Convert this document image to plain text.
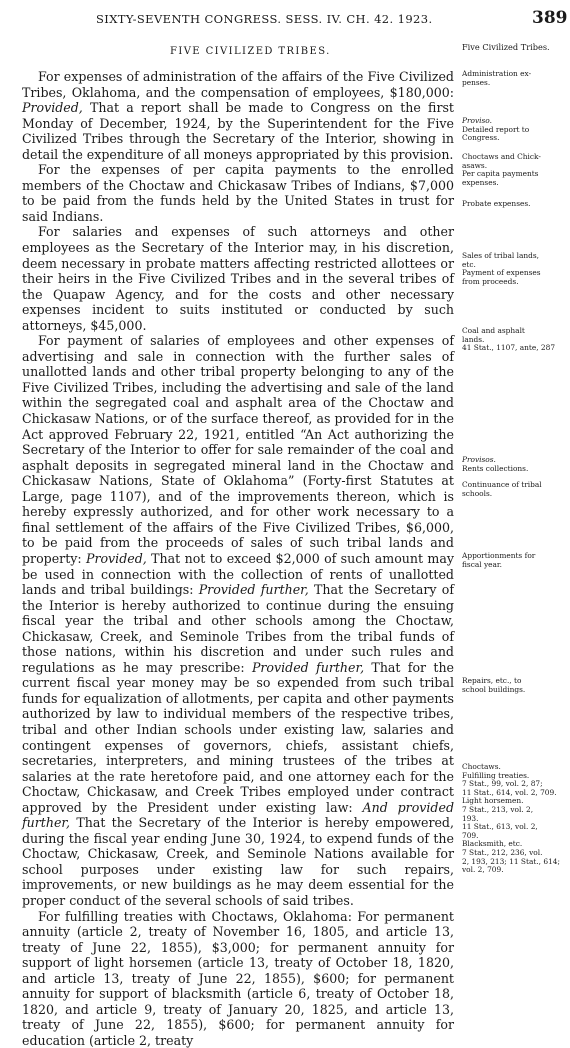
SIXTY-SEVENTH CONGRESS. SESS. IV. CH. 42. 1923.	389
Five Civilized Tribes.
FIVE CIVILIZED TRIBES.

For expenses of administration of the affairs of the Five Civilized Tribes, Oklahoma, and the compensation of employees, $180,000: Provided, That a report shall be made to Congress on the first Monday of December, 1924, by the Superintendent for the Five Civilized Tribes through the Secretary of the Interior, showing in detail the expenditure of all moneys appropriated by this provision.

For the expenses of per capita payments to the enrolled members of the Choctaw and Chickasaw Tribes of Indians, $7,000 to be paid from the funds held by the United States in trust for said Indians.

For salaries and expenses of such attorneys and other employees as the Secretary of the Interior may, in his discretion, deem necessary in probate matters affecting restricted allottees or their heirs in the Five Civilized Tribes and in the several tribes of the Quapaw Agency, and for the costs and other necessary expenses incident to suits instituted or conducted by such attorneys, $45,000.

For payment of salaries of employees and other expenses of advertising and sale in connection with the further sales of unallotted lands and other tribal property belonging to any of the Five Civilized Tribes, including the advertising and sale of the land within the segregated coal and asphalt area of the Choctaw and Chickasaw Nations, or of the surface thereof, as provided for in the Act approved February 22, 1921, entitled “An Act authorizing the Secretary of the Interior to offer for sale remainder of the coal and asphalt deposits in segregated mineral land in the Choctaw and Chickasaw Nations, State of Oklahoma” (Forty-first Statutes at Large, page 1107), and of the improvements thereon, which is hereby expressly authorized, and for other work necessary to a final settlement of the affairs of the Five Civilized Tribes, $6,000, to be paid from the proceeds of sales of such tribal lands and property: Provided, That not to exceed $2,000 of such amount may be used in connection with the collection of rents of unallotted lands and tribal buildings: Provided further, That the Secretary of the Interior is hereby authorized to continue during the ensuing fiscal year the tribal and other schools among the Choctaw, Chickasaw, Creek, and Seminole Tribes from the tribal funds of those nations, within his discretion and under such rules and regulations as he may prescribe: Provided further, That for the current fiscal year money may be so expended from such tribal funds for equalization of allotments, per capita and other payments authorized by law to individual members of the respective tribes, tribal and other Indian schools under existing law, salaries and contingent expenses of governors, chiefs, assistant chiefs, secretaries, interpreters, and mining trustees of the tribes at salaries at the rate heretofore paid, and one attorney each for the Choctaw, Chickasaw, and Creek Tribes employed under contract approved by the President under existing law: And provided further, That the Secretary of the Interior is hereby empowered, during the fiscal year ending June 30, 1924, to expend funds of the Choctaw, Chickasaw, Creek, and Seminole Nations available for school purposes under existing law for such repairs, improvements, or new buildings as he may deem essential for the proper conduct of the several schools of said tribes.

For fulfilling treaties with Choctaws, Oklahoma: For permanent annuity (article 2, treaty of November 16, 1805, and article 13, treaty of June 22, 1855), $3,000; for permanent annuity for support of light horsemen (article 13, treaty of October 18, 1820, and article 13, treaty of June 22, 1855), $600; for permanent annuity for support of blacksmith (article 6, treaty of October 18, 1820, and article 9, treaty of January 20, 1825, and article 13, treaty of June 22, 1855), $600; for permanent annuity for education (article 2, treaty

Administration ex-
penses.
Proviso.
Detailed report to
Congress.
Choctaws and Chick-
asaws.
Per capita payments
expenses.
Probate expenses.
Sales of tribal lands,
etc.
Payment of expenses
from proceeds.
Coal and asphalt
lands.
41 Stat., 1107, ante, 287
Provisos.
Rents collections.
Continuance of tribal
schools.
Apportionments for
fiscal year.
Repairs, etc., to
school buildings.
Choctaws.
Fulfilling treaties.
7 Stat., 99, vol. 2, 87;
11 Stat., 614, vol. 2, 709.
Light horsemen.
7 Stat., 213, vol. 2,
193.
11 Stat., 613, vol. 2,
709.
Blacksmith, etc.
7 Stat., 212, 236, vol.
2, 193, 213; 11 Stat., 614;
vol. 2, 709.
